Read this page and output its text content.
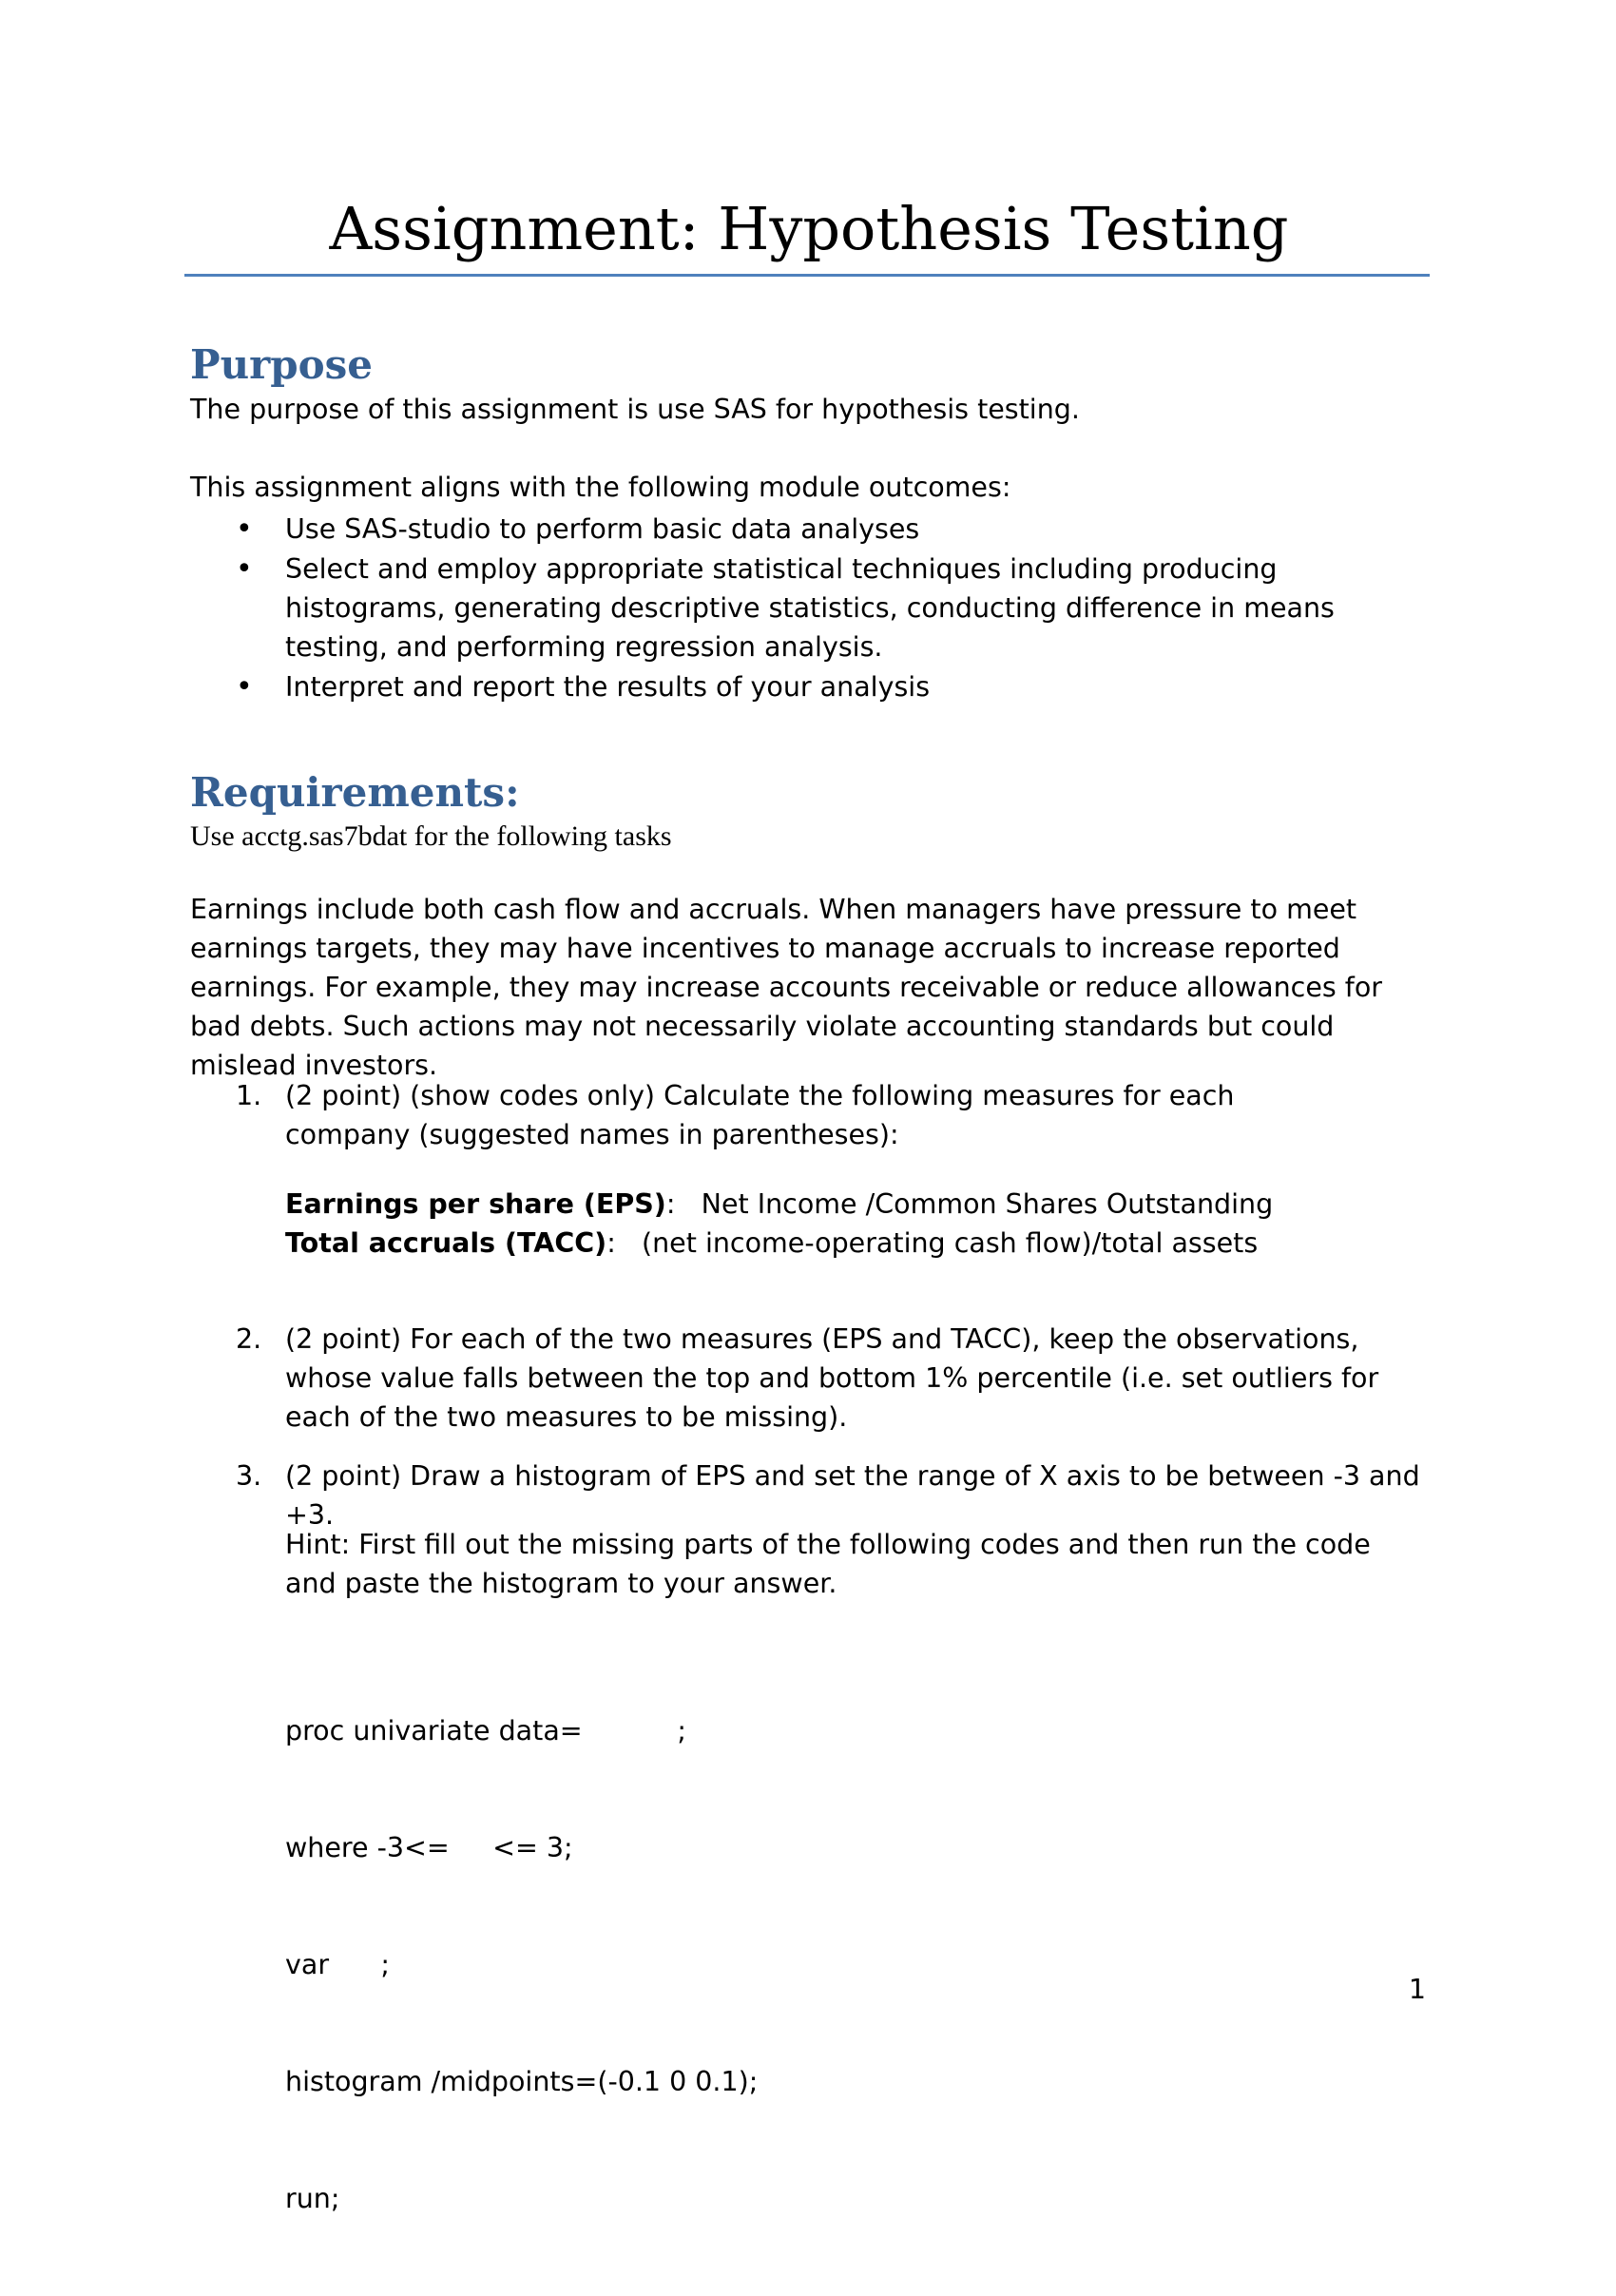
Assignment: Hypothesis Testing
Purpose

The purpose of this assignment is use SAS for hypothesis testing.

This assignment aligns with the following module outcomes:

• Use SAS-studio to perform basic data analyses
• Select and employ appropriate statistical techniques including producing histograms, generating descriptive statistics, conducting difference in means testing, and performing regression analysis.
• Interpret and report the results of your analysis
Requirements:

Use acctg.sas7bdat for the following tasks

Earnings include both cash flow and accruals. When managers have pressure to meet earnings targets, they may have incentives to manage accruals to increase reported earnings. For example, they may increase accounts receivable or reduce allowances for bad debts. Such actions may not necessarily violate accounting standards but could mislead investors.

1. (2 point) (show codes only) Calculate the following measures for each company (suggested names in parentheses):
Earnings per share (EPS): Net Income /Common Shares Outstanding
Total accruals (TACC): (net income-operating cash flow)/total assets
2. (2 point) For each of the two measures (EPS and TACC), keep the observations, whose value falls between the top and bottom 1% percentile (i.e. set outliers for each of the two measures to be missing).
3. (2 point) Draw a histogram of EPS and set the range of X axis to be between -3 and +3.

Hint: First fill out the missing parts of the following codes and then run the code and paste the histogram to your answer.

proc univariate data=           ;

where -3<=     <= 3;

var      ;

histogram /midpoints=(-0.1 0 0.1);

run;

1
